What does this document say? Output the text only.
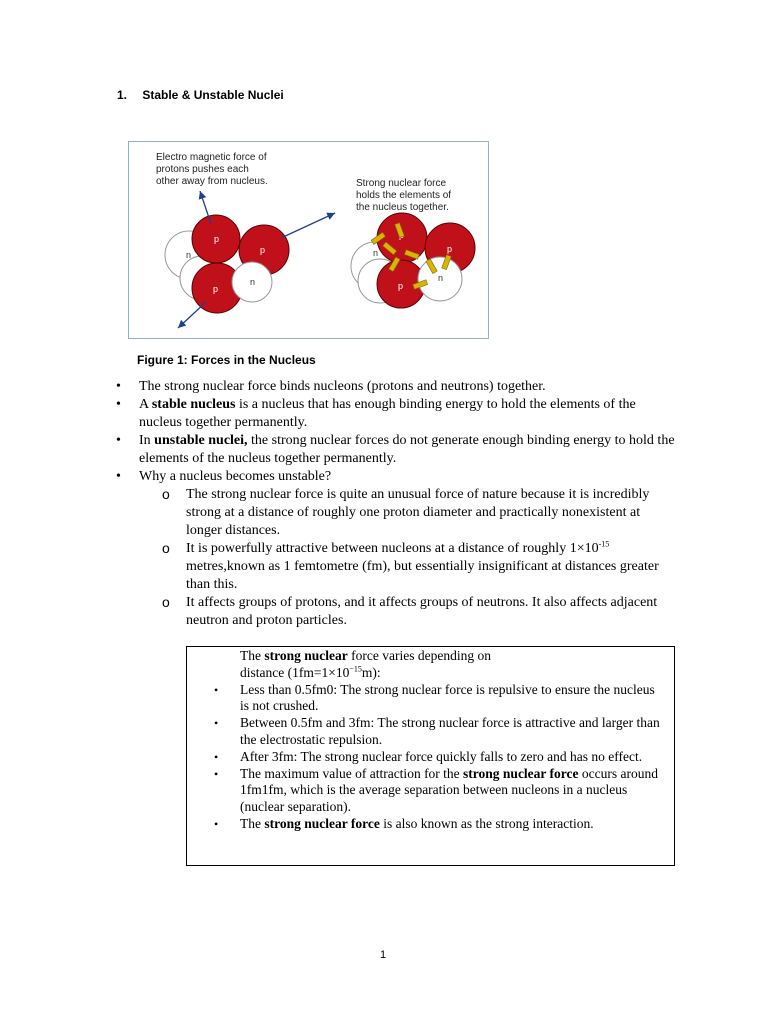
1. Stable & Unstable Nuclei
Electro magnetic force of protons pushes each other away from nucleus.	Strong nuclear force holds the elements of the nucleus together.
p
p
p
n
n
p
p
n
n
Figure 1: Forces in the Nucleus
• The strong nuclear force binds nucleons (protons and neutrons) together.
• A stable nucleus is a nucleus that has enough binding energy to hold the elements of the nucleus together permanently.
• In unstable nuclei, the strong nuclear forces do not generate enough binding energy to hold the elements of the nucleus together permanently.
• Why a nucleus becomes unstable?
o The strong nuclear force is quite an unusual force of nature because it is incredibly strong at a distance of roughly one proton diameter and practically nonexistent at longer distances.
o It is powerfully attractive between nucleons at a distance of roughly $1\times 10^{-15}$ metres,known as 1 femtometre (fm), but essentially insignificant at distances greater than this.
o It affects groups of protons, and it affects groups of neutrons. It also affects adjacent neutron and proton particles.
The strong nuclear force varies depending on
distance $(1fm=1\times 10^{-15}m)$:
• Less than 0.5fm0: The strong nuclear force is repulsive to ensure the nucleus is not crushed.
• Between 0.5fm and 3fm: The strong nuclear force is attractive and larger than the electrostatic repulsion.
• After 3fm: The strong nuclear force quickly falls to zero and has no effect.
• The maximum value of attraction for the strong nuclear force occurs around 1fm1fm, which is the average separation between nucleons in a nucleus (nuclear separation).
• The strong nuclear force is also known as the strong interaction.
1
